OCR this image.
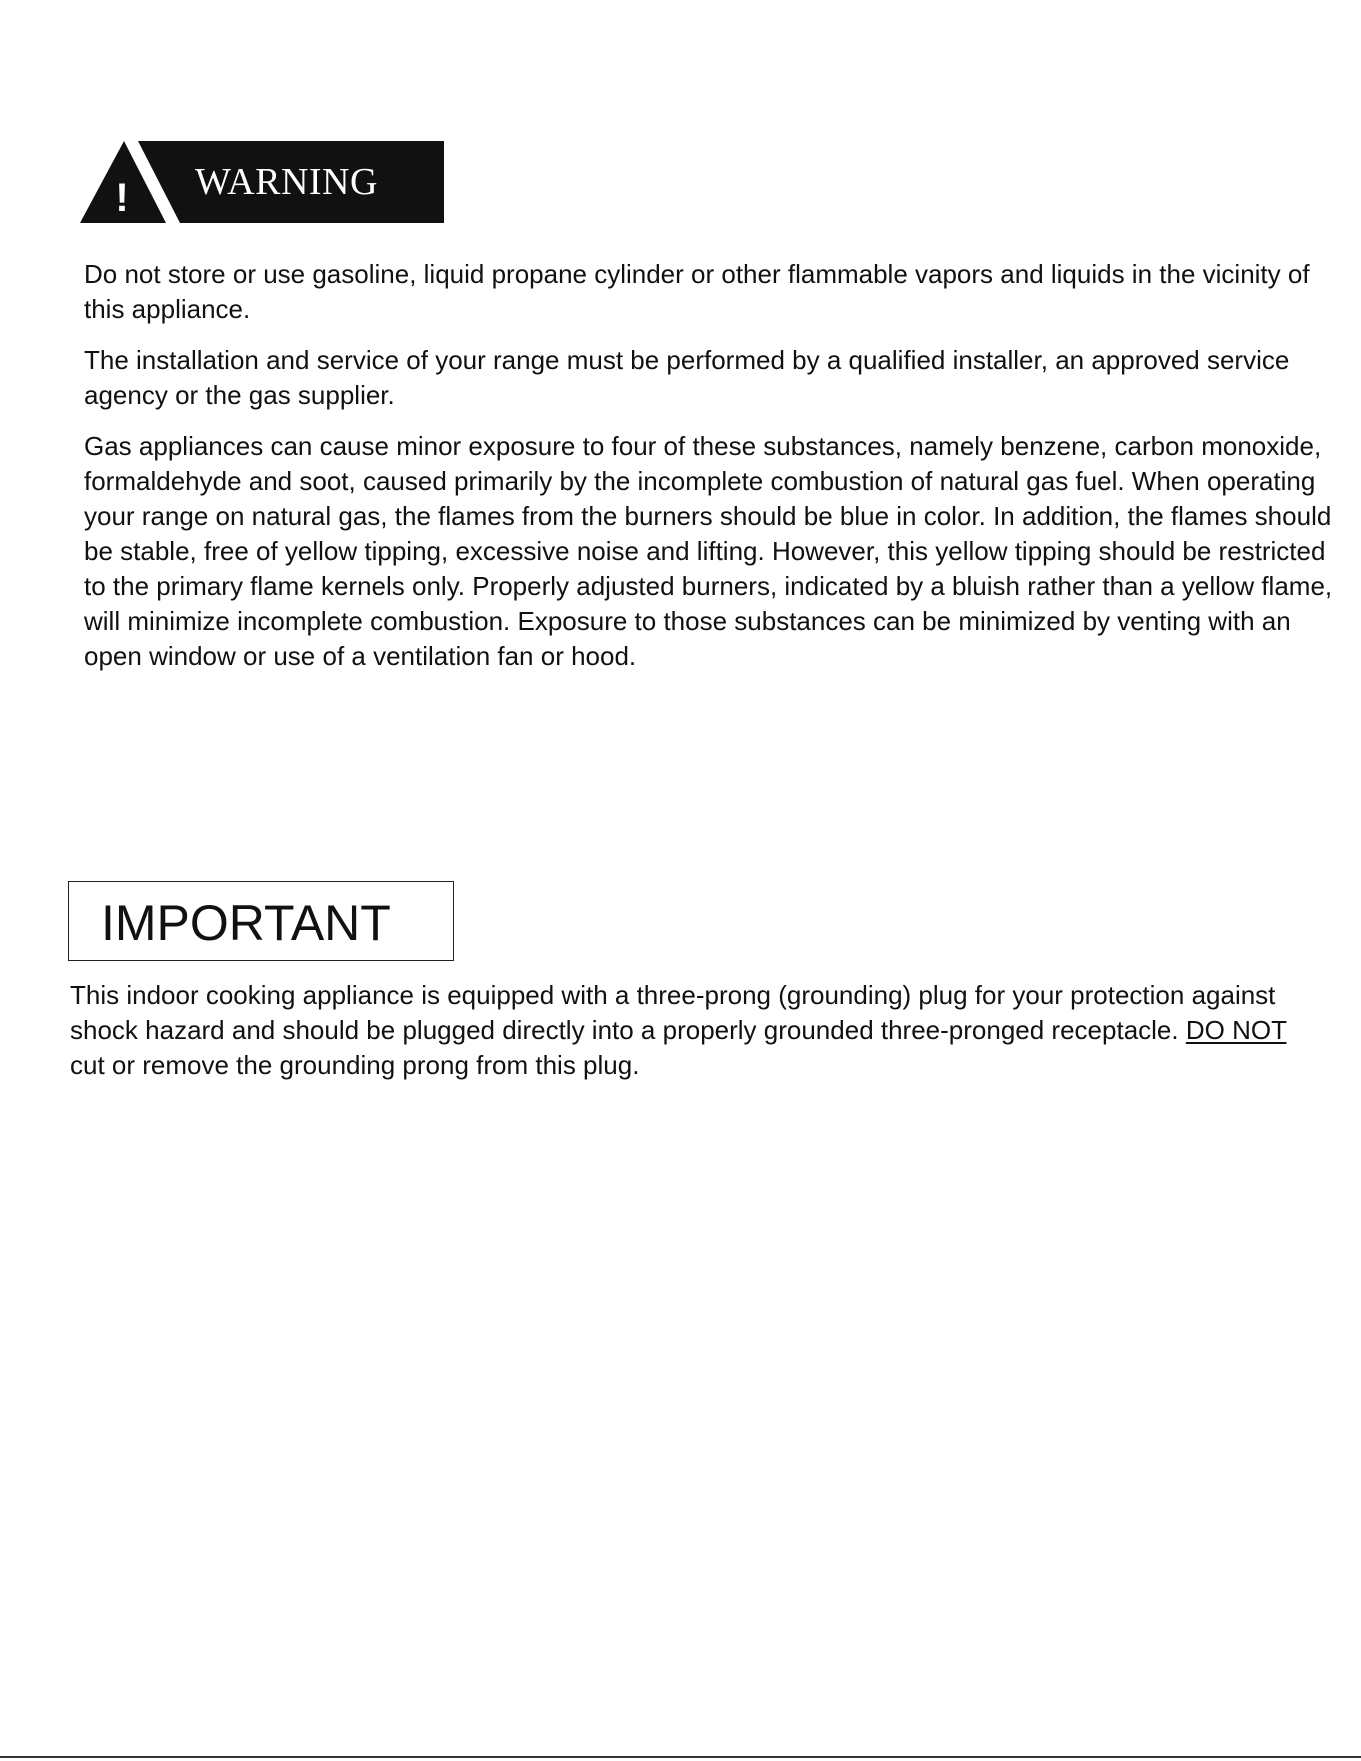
! WARNING

Do not store or use gasoline, liquid propane cylinder or other flammable vapors and liquids in the vicinity of this appliance.

The installation and service of your range must be performed by a qualified installer, an approved service agency or the gas supplier.

Gas appliances can cause minor exposure to four of these substances, namely benzene, carbon monoxide, formaldehyde and soot, caused primarily by the incomplete combustion of natural gas fuel. When operating your range on natural gas, the flames from the burners should be blue in color. In addition, the flames should be stable, free of yellow tipping, excessive noise and lifting. However, this yellow tipping should be restricted to the primary flame kernels only. Properly adjusted burners, indicated by a bluish rather than a yellow flame, will minimize incomplete combustion. Exposure to those substances can be minimized by venting with an open window or use of a ventilation fan or hood.

IMPORTANT

This indoor cooking appliance is equipped with a three-prong (grounding) plug for your protection against shock hazard and should be plugged directly into a properly grounded three-pronged receptacle. DO NOT cut or remove the grounding prong from this plug.
